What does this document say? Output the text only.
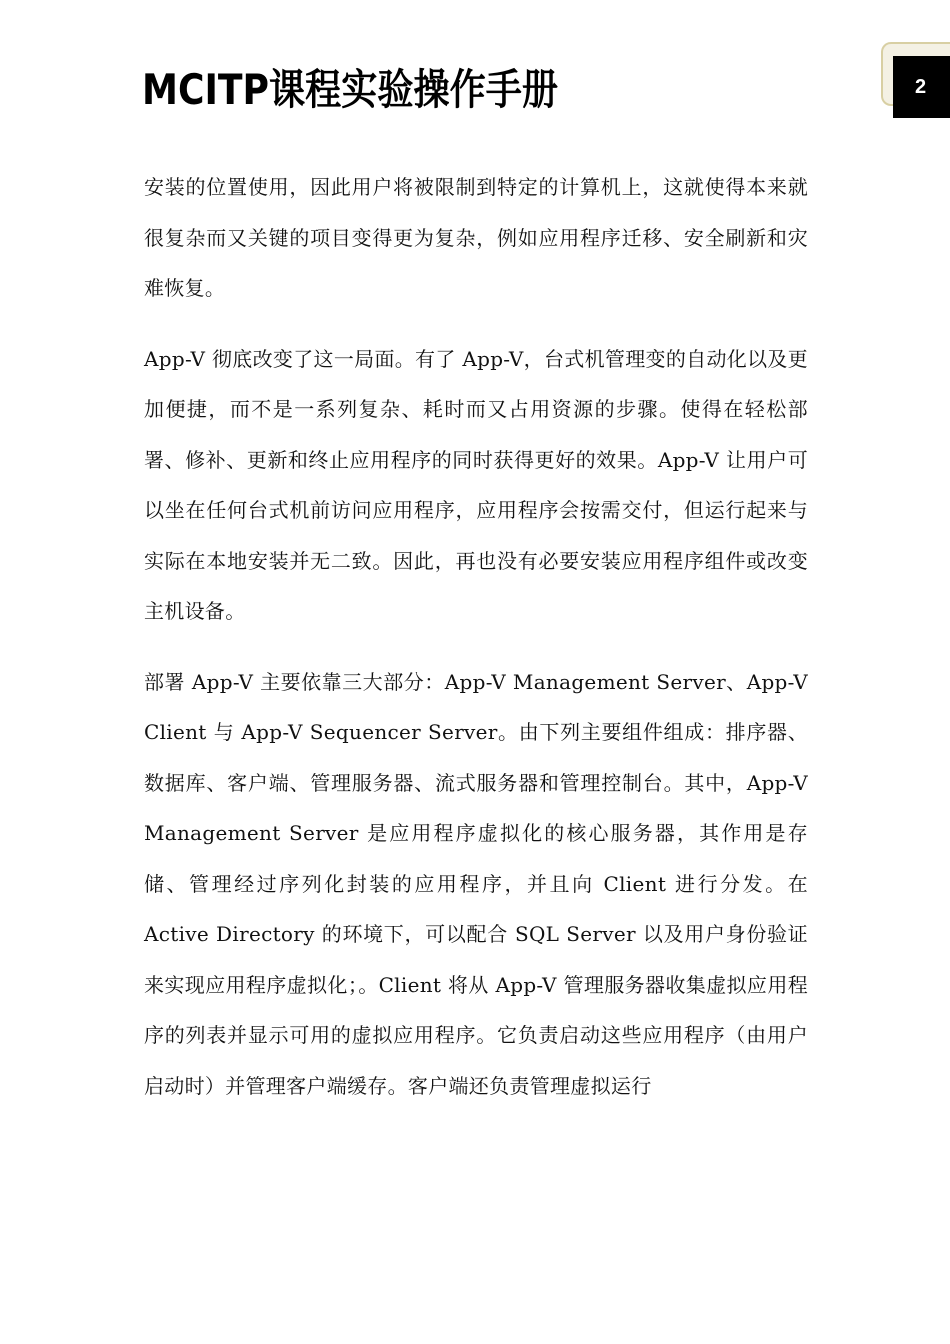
MCITP课程实验操作手册	2

安装的位置使用，因此用户将被限制到特定的计算机上，这就使得本来就很复杂而又关键的项目变得更为复杂，例如应用程序迁移、安全刷新和灾难恢复。

App-V 彻底改变了这一局面。有了 App-V，台式机管理变的自动化以及更加便捷，而不是一系列复杂、耗时而又占用资源的步骤。使得在轻松部署、修补、更新和终止应用程序的同时获得更好的效果。App-V 让用户可以坐在任何台式机前访问应用程序，应用程序会按需交付，但运行起来与实际在本地安装并无二致。因此，再也没有必要安装应用程序组件或改变主机设备。

部署 App-V 主要依靠三大部分：App-V Management Server、App-V Client 与 App-V Sequencer Server。由下列主要组件组成：排序器、数据库、客户端、管理服务器、流式服务器和管理控制台。其中，App-V Management Server 是应用程序虚拟化的核心服务器，其作用是存储、管理经过序列化封装的应用程序，并且向 Client 进行分发。在 Active Directory 的环境下，可以配合 SQL Server 以及用户身份验证来实现应用程序虚拟化；。Client 将从 App-V 管理服务器收集虚拟应用程序的列表并显示可用的虚拟应用程序。它负责启动这些应用程序（由用户启动时）并管理客户端缓存。客户端还负责管理虚拟运行
